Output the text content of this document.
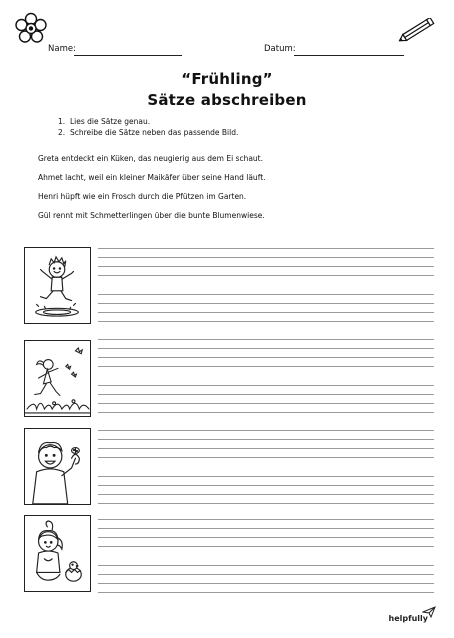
Name:	Datum:
“Frühling”
Sätze abschreiben
1. Lies die Sätze genau.
2. Schreibe die Sätze neben das passende Bild.

Greta entdeckt ein Küken, das neugierig aus dem Ei schaut.

Ahmet lacht, weil ein kleiner Maikäfer über seine Hand läuft.

Henri hüpft wie ein Frosch durch die Pfützen im Garten.

Gül rennt mit Schmetterlingen über die bunte Blumenwiese.

helpfully
